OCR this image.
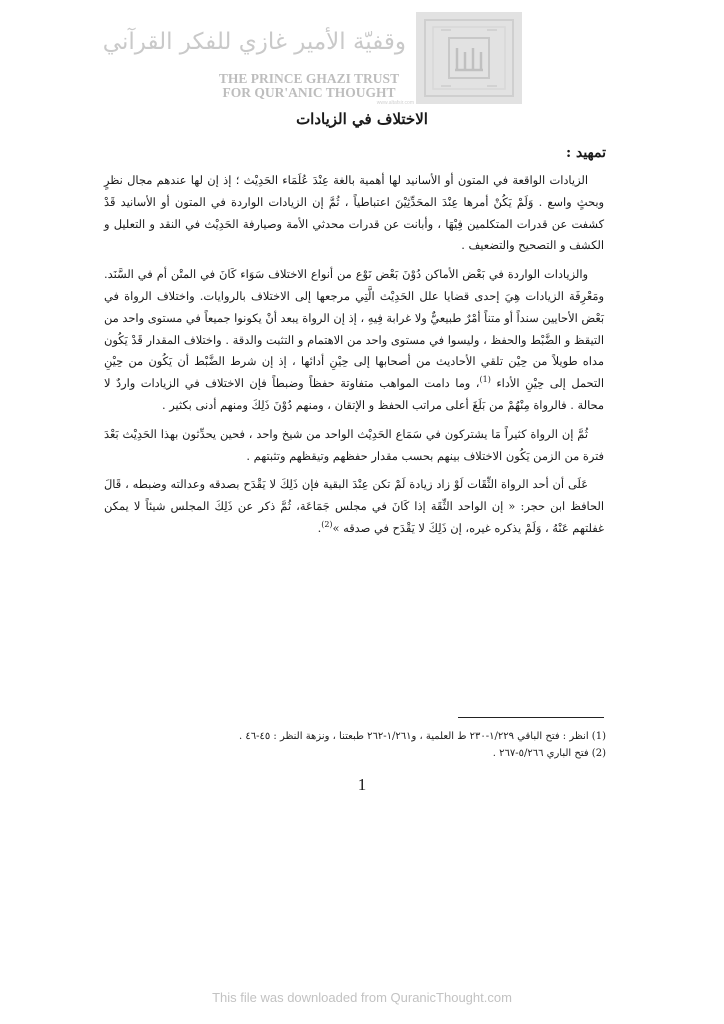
وقفيّة الأمير غازي للفكر القرآني
THE PRINCE GHAZI TRUST
FOR QUR'ANIC THOUGHT
www.altafsir.com
الاختلاف في الزيادات
تمهيد :

الزيادات الواقعة في المتون أو الأسانيد لها أهمية بالغة عِنْدَ عُلَمَاء الحَدِيْث ؛ إذ إن لها عندهم مجال نظرٍ وبحثٍ واسع . وَلَمْ يَكُنْ أمرها عِنْدَ المحَدِّثِيْنَ اعتباطياً ، ثُمَّ إن الزيادات الواردة في المتون أو الأسانيد قَدْ كشفت عن قدرات المتكلمين فِيْهَا ، وأبانت عن قدرات محدثي الأمة وصيارفة الحَدِيْث في النقد و التعليل و الكشف و التصحيح والتضعيف .

والزيادات الواردة في بَعْض الأماكن دُوْنَ بَعْض نَوْع من أنواع الاختلاف سَوَاء كَانَ في المتْن أم في السَّنَد. ومَعْرِفَة الزيادات هِيَ إحدى قضايا علل الحَدِيْث الَّتِي مرجعها إلى الاختلاف بالروايات. واختلاف الرواة في بَعْض الأحايين سنداً أو متناً أمْرٌ طبيعيٌّ ولا غرابة فِيهِ ، إذ إن الرواة يبعد أنْ يكونوا جميعاً في مستوى واحد من التيقظ و الضَّبْط والحفظ ، وليسوا في مستوى واحد من الاهتمام و التثبت والدقة . واختلاف المقدار قَدْ يَكُون مداه طويلاً من حِيْن تلقي الأحاديث من أصحابها إلى حِيْنِ أدائها ، إذ إن شرط الضَّبْط أن يَكُون من حِيْنِ التحمل إلى حِيْنِ الأداء $^{(1)}$، وما دامت المواهب متفاوتة حفظاً وضبطاً فإن الاختلاف في الزيادات واردٌ لا محالة . فالرواة مِنْهُمْ من بَلَغَ أعلى مراتب الحفظ و الإتقان ، ومنهم دُوْنَ ذَلِكَ ومنهم أدنى بكثير .

ثُمَّ إن الرواة كثيراً مَا يشتركون في سَمَاع الحَدِيْث الواحد من شيخ واحد ، فحين يحدِّثون بهذا الحَدِيْث بَعْدَ فترة من الزمن يَكُون الاختلاف بينهم بحسب مقدار حفظهم وتيقظهم وتثبتهم .

عَلَى أن أحد الرواة الثِّقَات لَوْ زاد زيادة لَمْ تكن عِنْدَ البقية فإن ذَلِكَ لا يَقْدَح بصدقه وعدالته وضبطه ، قَالَ الحافظ ابن حجر: « إن الواحد الثِّقَة إذا كَانَ في مجلس جَمَاعَة، ثُمَّ ذكر عن ذَلِكَ المجلس شيئاً لا يمكن غفلتهم عَنْهُ ، وَلَمْ يذكره غيره، إن ذَلِكَ لا يَقْدَح في صدقه »$^{(2)}$.

(1) انظر : فتح الباقي ١/٢٢٩-٢٣٠ ط العلمية ، و١/٢٦١-٢٦٢ طبعتنا ، ونزهة النظر : ٤٥-٤٦ .
(2) فتح الباري ٥/٢٦٦-٢٦٧ .
1
This file was downloaded from QuranicThought.com
